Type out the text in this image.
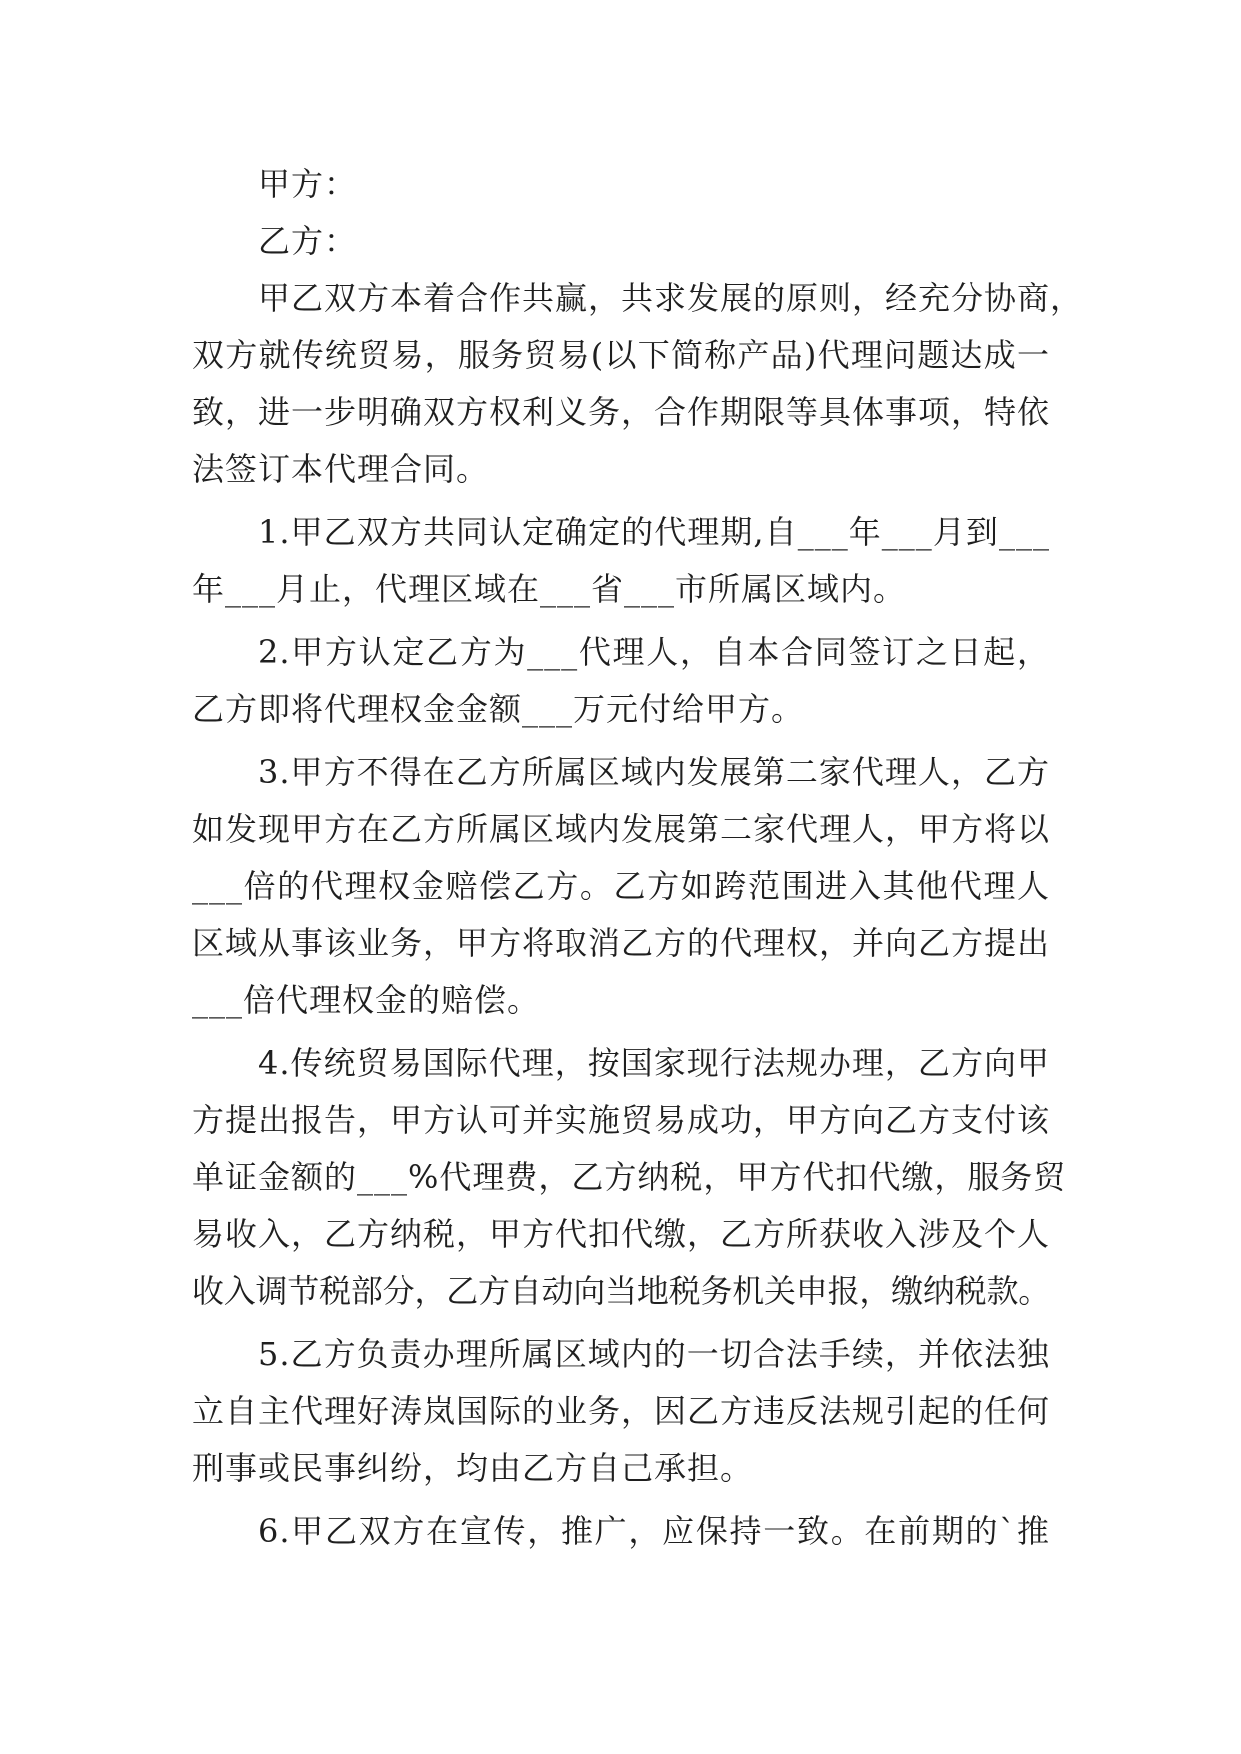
甲方：
乙方：
甲乙双方本着合作共赢，共求发展的原则，经充分协商，
双方就传统贸易，服务贸易(以下简称产品)代理问题达成一
致，进一步明确双方权利义务，合作期限等具体事项，特依
法签订本代理合同。
1.甲乙双方共同认定确定的代理期,自___年___月到___
年___月止，代理区域在___省___市所属区域内。
2.甲方认定乙方为___代理人，自本合同签订之日起，
乙方即将代理权金金额___万元付给甲方。
3.甲方不得在乙方所属区域内发展第二家代理人，乙方
如发现甲方在乙方所属区域内发展第二家代理人，甲方将以
___倍的代理权金赔偿乙方。乙方如跨范围进入其他代理人
区域从事该业务，甲方将取消乙方的代理权，并向乙方提出
___倍代理权金的赔偿。
4.传统贸易国际代理，按国家现行法规办理，乙方向甲
方提出报告，甲方认可并实施贸易成功，甲方向乙方支付该
单证金额的___%代理费，乙方纳税，甲方代扣代缴，服务贸
易收入，乙方纳税，甲方代扣代缴，乙方所获收入涉及个人
收入调节税部分，乙方自动向当地税务机关申报，缴纳税款。
5.乙方负责办理所属区域内的一切合法手续，并依法独
立自主代理好涛岚国际的业务，因乙方违反法规引起的任何
刑事或民事纠纷，均由乙方自己承担。
6.甲乙双方在宣传，推广，应保持一致。在前期的`推
